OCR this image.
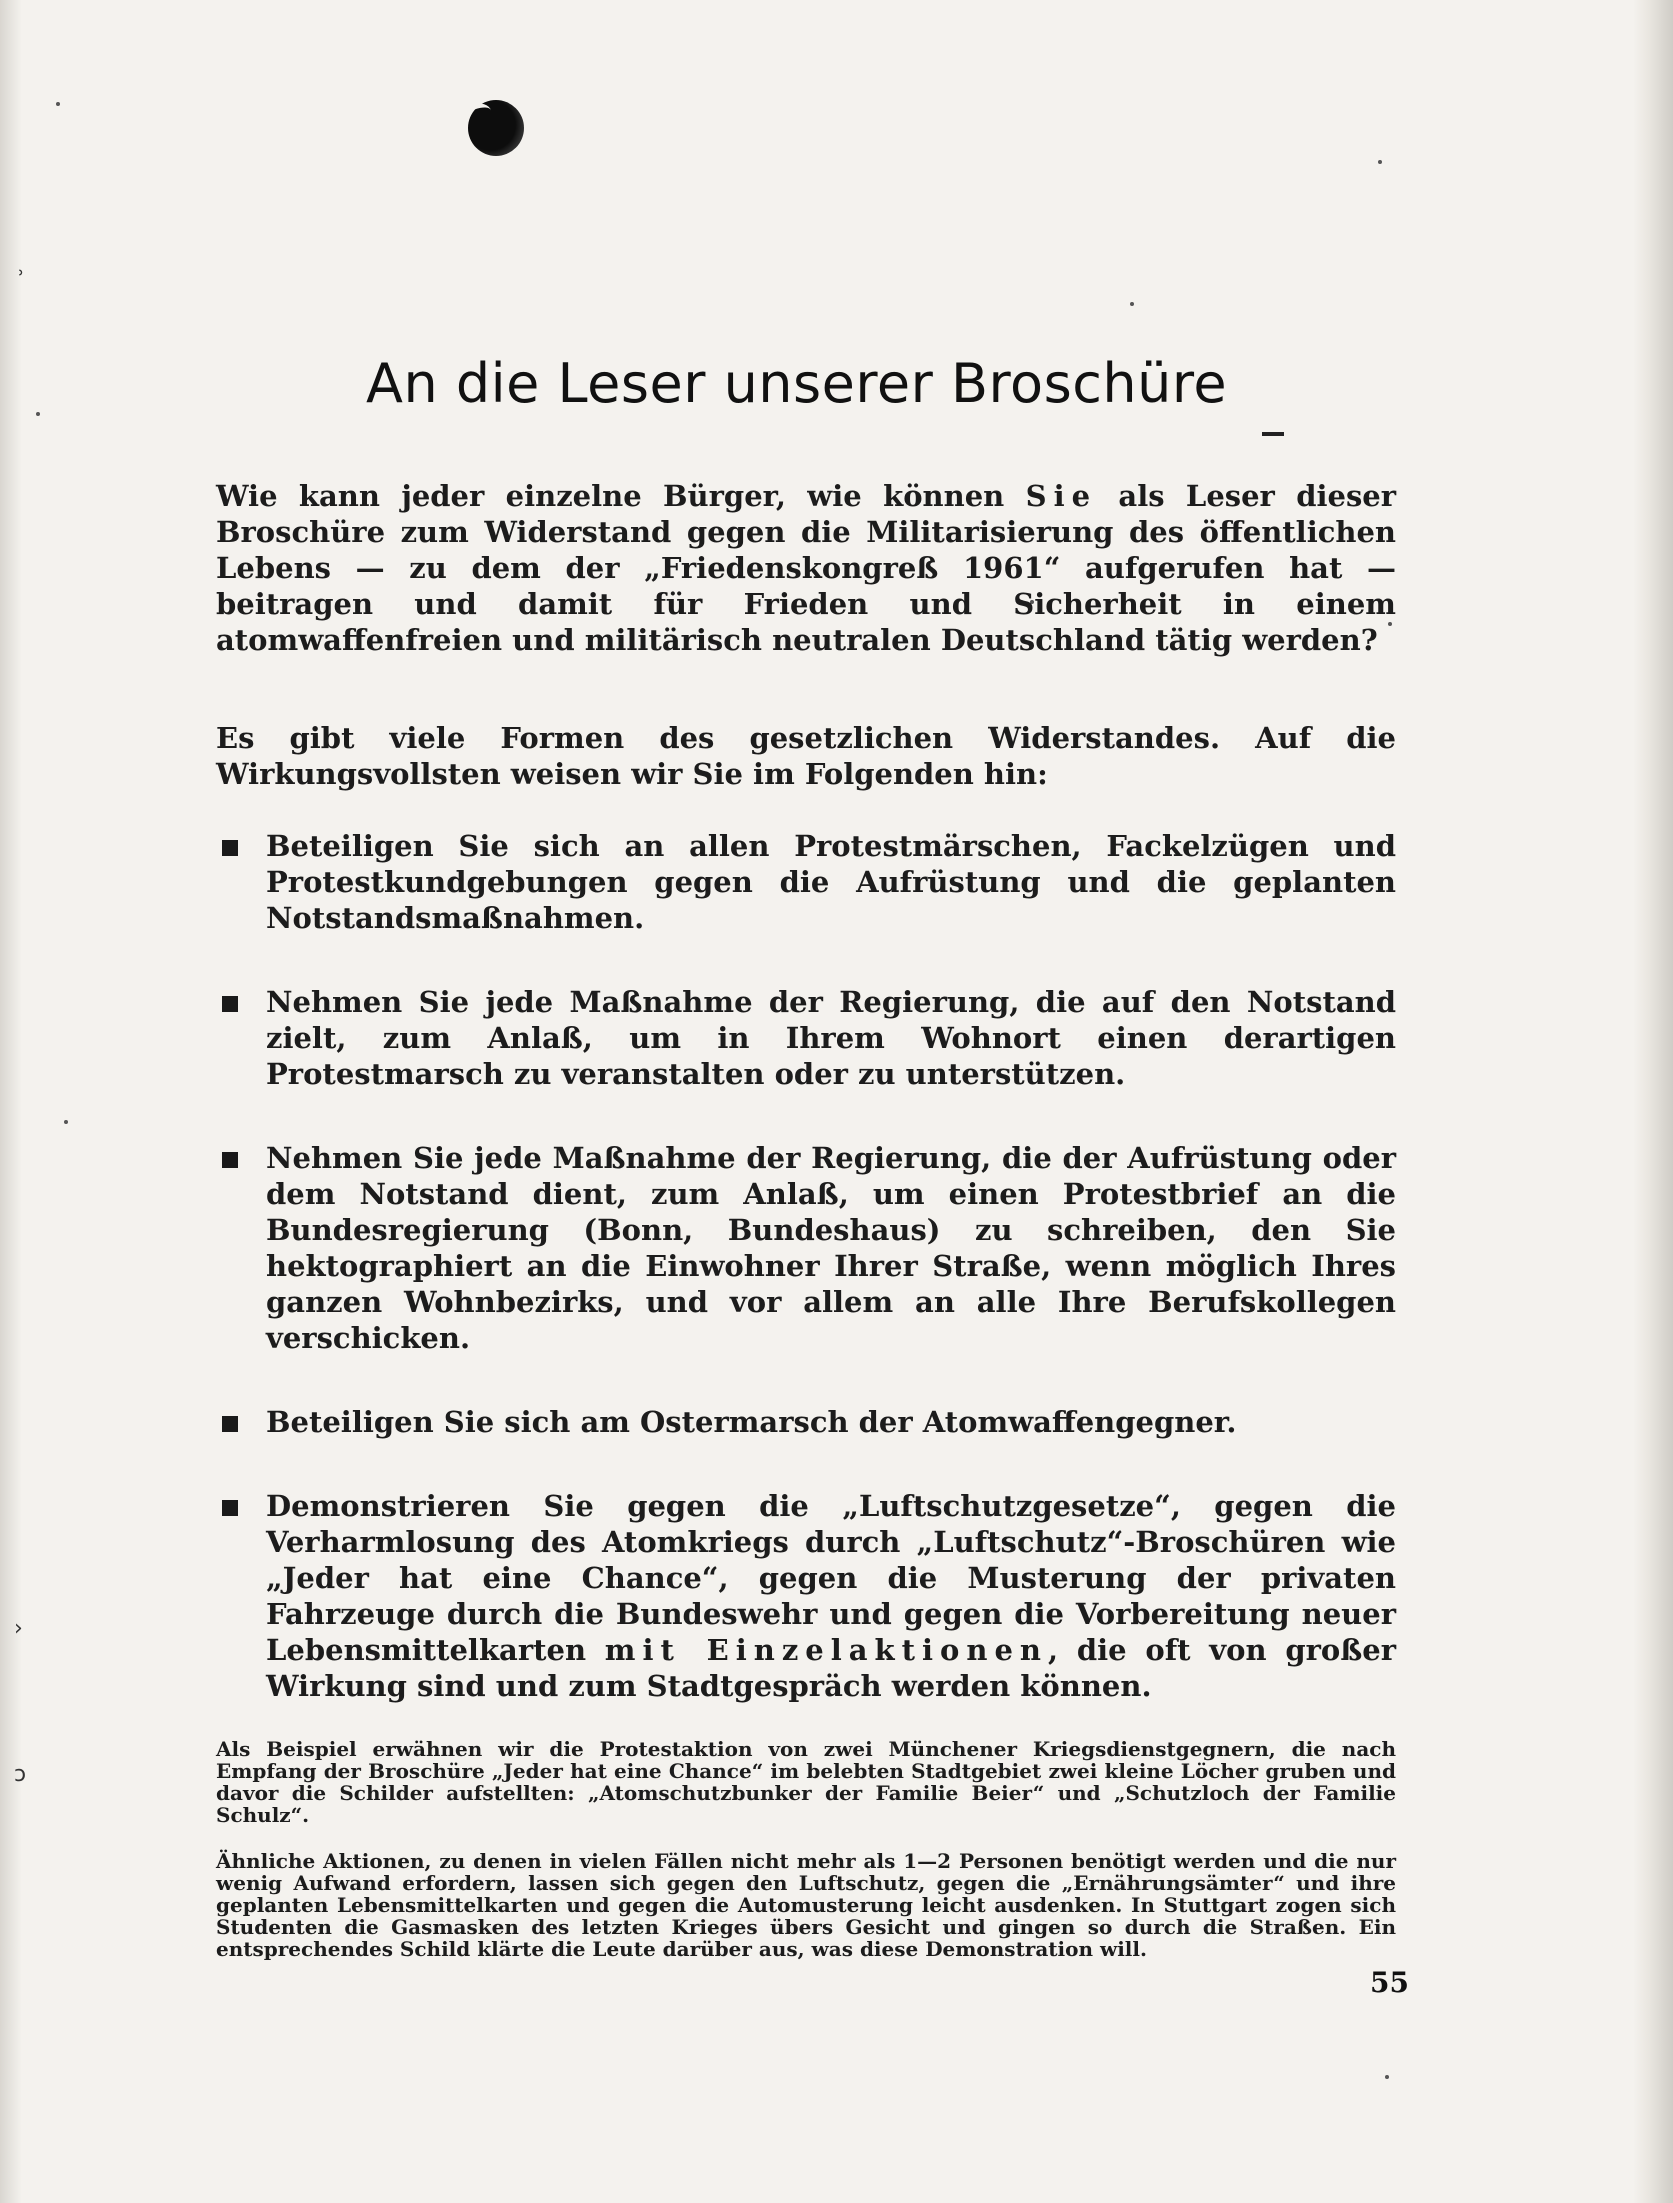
˒
›
ɔ
An die Leser unserer Broschüre

Wie kann jeder einzelne Bürger, wie können Sie als Leser dieser Broschüre zum Widerstand gegen die Militarisierung des öffentlichen Lebens — zu dem der „Friedenskongreß 1961“ aufgerufen hat — beitragen und damit für Frieden und Sicherheit in einem atomwaffenfreien und militärisch neutralen Deutschland tätig werden?

Es gibt viele Formen des gesetzlichen Widerstandes. Auf die Wirkungsvollsten weisen wir Sie im Folgenden hin:

Beteiligen Sie sich an allen Protestmärschen, Fackelzügen und Protestkundgebungen gegen die Aufrüstung und die geplanten Notstandsmaßnahmen.

Nehmen Sie jede Maßnahme der Regierung, die auf den Notstand zielt, zum Anlaß, um in Ihrem Wohnort einen derartigen Protestmarsch zu veranstalten oder zu unterstützen.

Nehmen Sie jede Maßnahme der Regierung, die der Aufrüstung oder dem Notstand dient, zum Anlaß, um einen Protestbrief an die Bundesregierung (Bonn, Bundeshaus) zu schreiben, den Sie hektographiert an die Einwohner Ihrer Straße, wenn möglich Ihres ganzen Wohnbezirks, und vor allem an alle Ihre Berufskollegen verschicken.

Beteiligen Sie sich am Ostermarsch der Atomwaffengegner.

Demonstrieren Sie gegen die „Luftschutzgesetze“, gegen die Verharmlosung des Atomkriegs durch „Luftschutz“-Broschüren wie „Jeder hat eine Chance“, gegen die Musterung der privaten Fahrzeuge durch die Bundeswehr und gegen die Vorbereitung neuer Lebensmittelkarten mit Einzelaktionen, die oft von großer Wirkung sind und zum Stadtgespräch werden können.

Als Beispiel erwähnen wir die Protestaktion von zwei Münchener Kriegsdienstgegnern, die nach Empfang der Broschüre „Jeder hat eine Chance“ im belebten Stadtgebiet zwei kleine Löcher gruben und davor die Schilder aufstellten: „Atomschutzbunker der Familie Beier“ und „Schutzloch der Familie Schulz“.

Ähnliche Aktionen, zu denen in vielen Fällen nicht mehr als 1—2 Personen benötigt werden und die nur wenig Aufwand erfordern, lassen sich gegen den Luftschutz, gegen die „Ernährungsämter“ und ihre geplanten Lebensmittelkarten und gegen die Automusterung leicht ausdenken. In Stuttgart zogen sich Studenten die Gasmasken des letzten Krieges übers Gesicht und gingen so durch die Straßen. Ein entsprechendes Schild klärte die Leute darüber aus, was diese Demonstration will.

55
